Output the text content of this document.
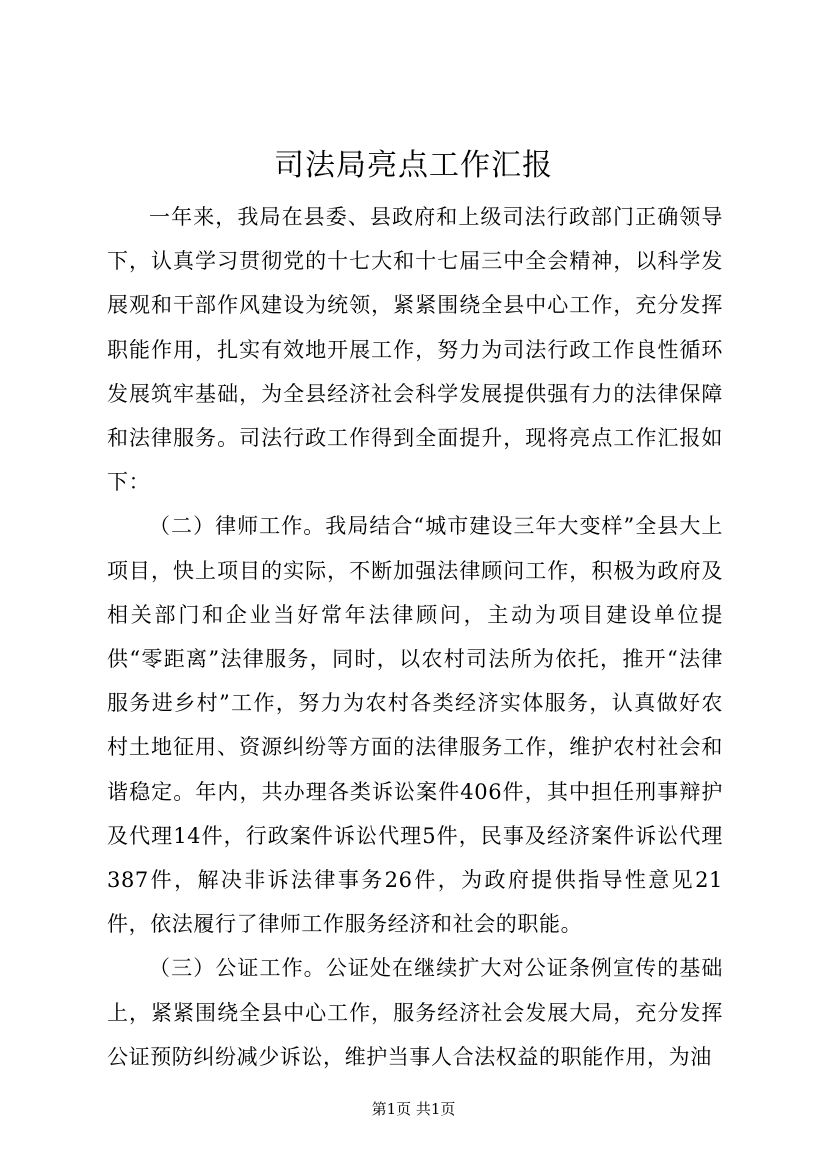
司法局亮点工作汇报

一年来，我局在县委、县政府和上级司法行政部门正确领导下，认真学习贯彻党的十七大和十七届三中全会精神，以科学发展观和干部作风建设为统领，紧紧围绕全县中心工作，充分发挥职能作用，扎实有效地开展工作，努力为司法行政工作良性循环发展筑牢基础，为全县经济社会科学发展提供强有力的法律保障和法律服务。司法行政工作得到全面提升，现将亮点工作汇报如下：

（二）律师工作。我局结合“城市建设三年大变样”全县大上项目，快上项目的实际，不断加强法律顾问工作，积极为政府及相关部门和企业当好常年法律顾问，主动为项目建设单位提供“零距离”法律服务，同时，以农村司法所为依托，推开“法律服务进乡村”工作，努力为农村各类经济实体服务，认真做好农村土地征用、资源纠纷等方面的法律服务工作，维护农村社会和谐稳定。年内，共办理各类诉讼案件406件，其中担任刑事辩护及代理14件，行政案件诉讼代理5件，民事及经济案件诉讼代理387件，解决非诉法律事务26件，为政府提供指导性意见21件，依法履行了律师工作服务经济和社会的职能。

（三）公证工作。公证处在继续扩大对公证条例宣传的基础上，紧紧围绕全县中心工作，服务经济社会发展大局，充分发挥公证预防纠纷减少诉讼，维护当事人合法权益的职能作用，为油

第1页 共1页
